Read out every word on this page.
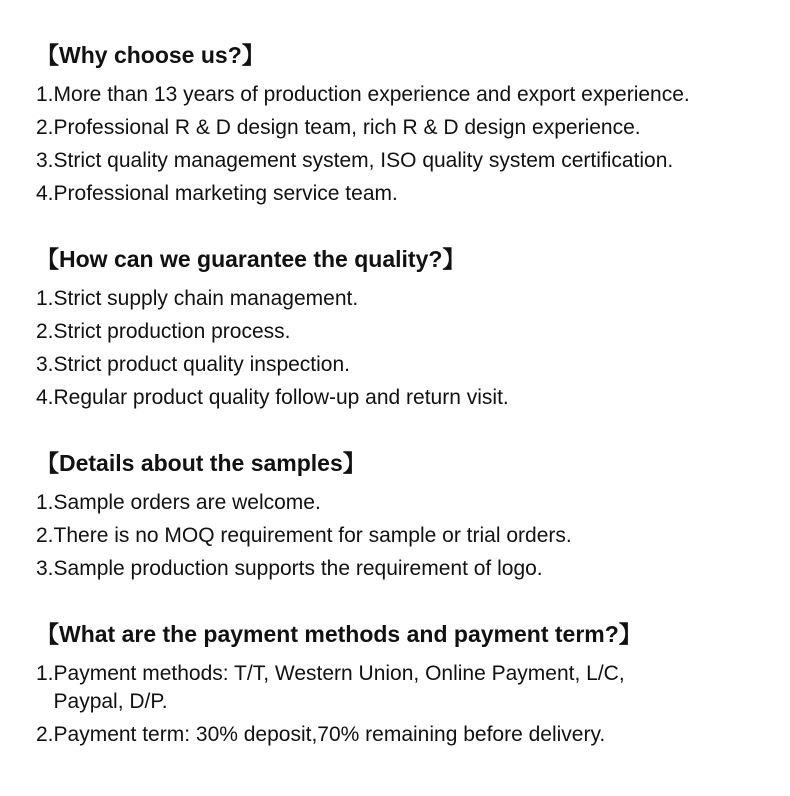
【Why choose us?】
1. More than 13 years of production experience and export experience.
2. Professional R & D design team, rich R & D design experience.
3. Strict quality management system, ISO quality system certification.
4. Professional marketing service team.
【How can we guarantee the quality?】
1. Strict supply chain management.
2. Strict production process.
3. Strict product quality inspection.
4. Regular product quality follow-up and return visit.
【Details about the samples】
1. Sample orders are welcome.
2. There is no MOQ requirement for sample or trial orders.
3. Sample production supports the requirement of logo.
【What are the payment methods and payment term?】
1. Payment methods: T/T, Western Union, Online Payment, L/C, Paypal, D/P.
2. Payment term: 30% deposit,70% remaining before delivery.
